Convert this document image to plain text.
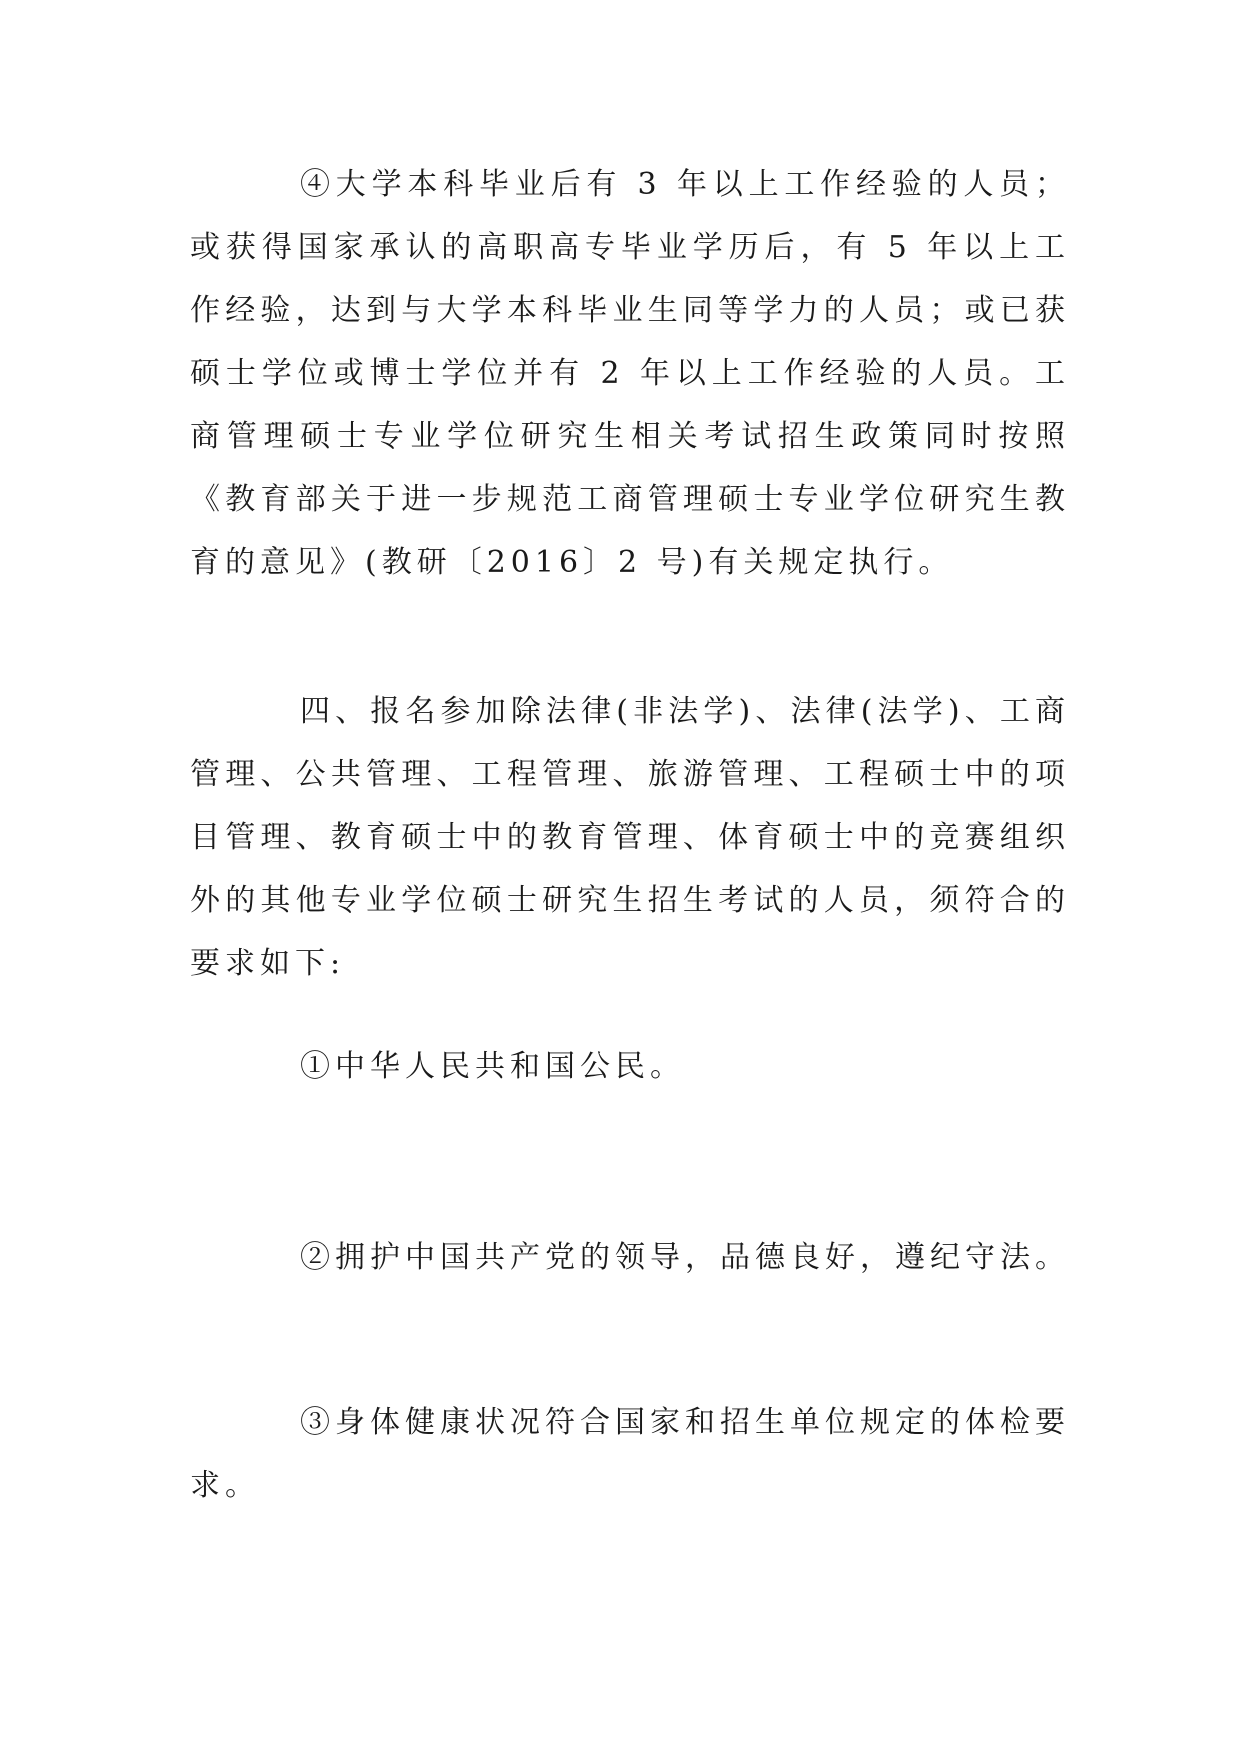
④大学本科毕业后有 3 年以上工作经验的人员；或获得国家承认的高职高专毕业学历后，有 5 年以上工作经验，达到与大学本科毕业生同等学力的人员；或已获硕士学位或博士学位并有 2 年以上工作经验的人员。工商管理硕士专业学位研究生相关考试招生政策同时按照《教育部关于进一步规范工商管理硕士专业学位研究生教育的意见》(教研〔2016〕2 号)有关规定执行。

四、报名参加除法律(非法学)、法律(法学)、工商管理、公共管理、工程管理、旅游管理、工程硕士中的项目管理、教育硕士中的教育管理、体育硕士中的竞赛组织外的其他专业学位硕士研究生招生考试的人员，须符合的要求如下:

①中华人民共和国公民。

②拥护中国共产党的领导，品德良好，遵纪守法。

③身体健康状况符合国家和招生单位规定的体检要求。
